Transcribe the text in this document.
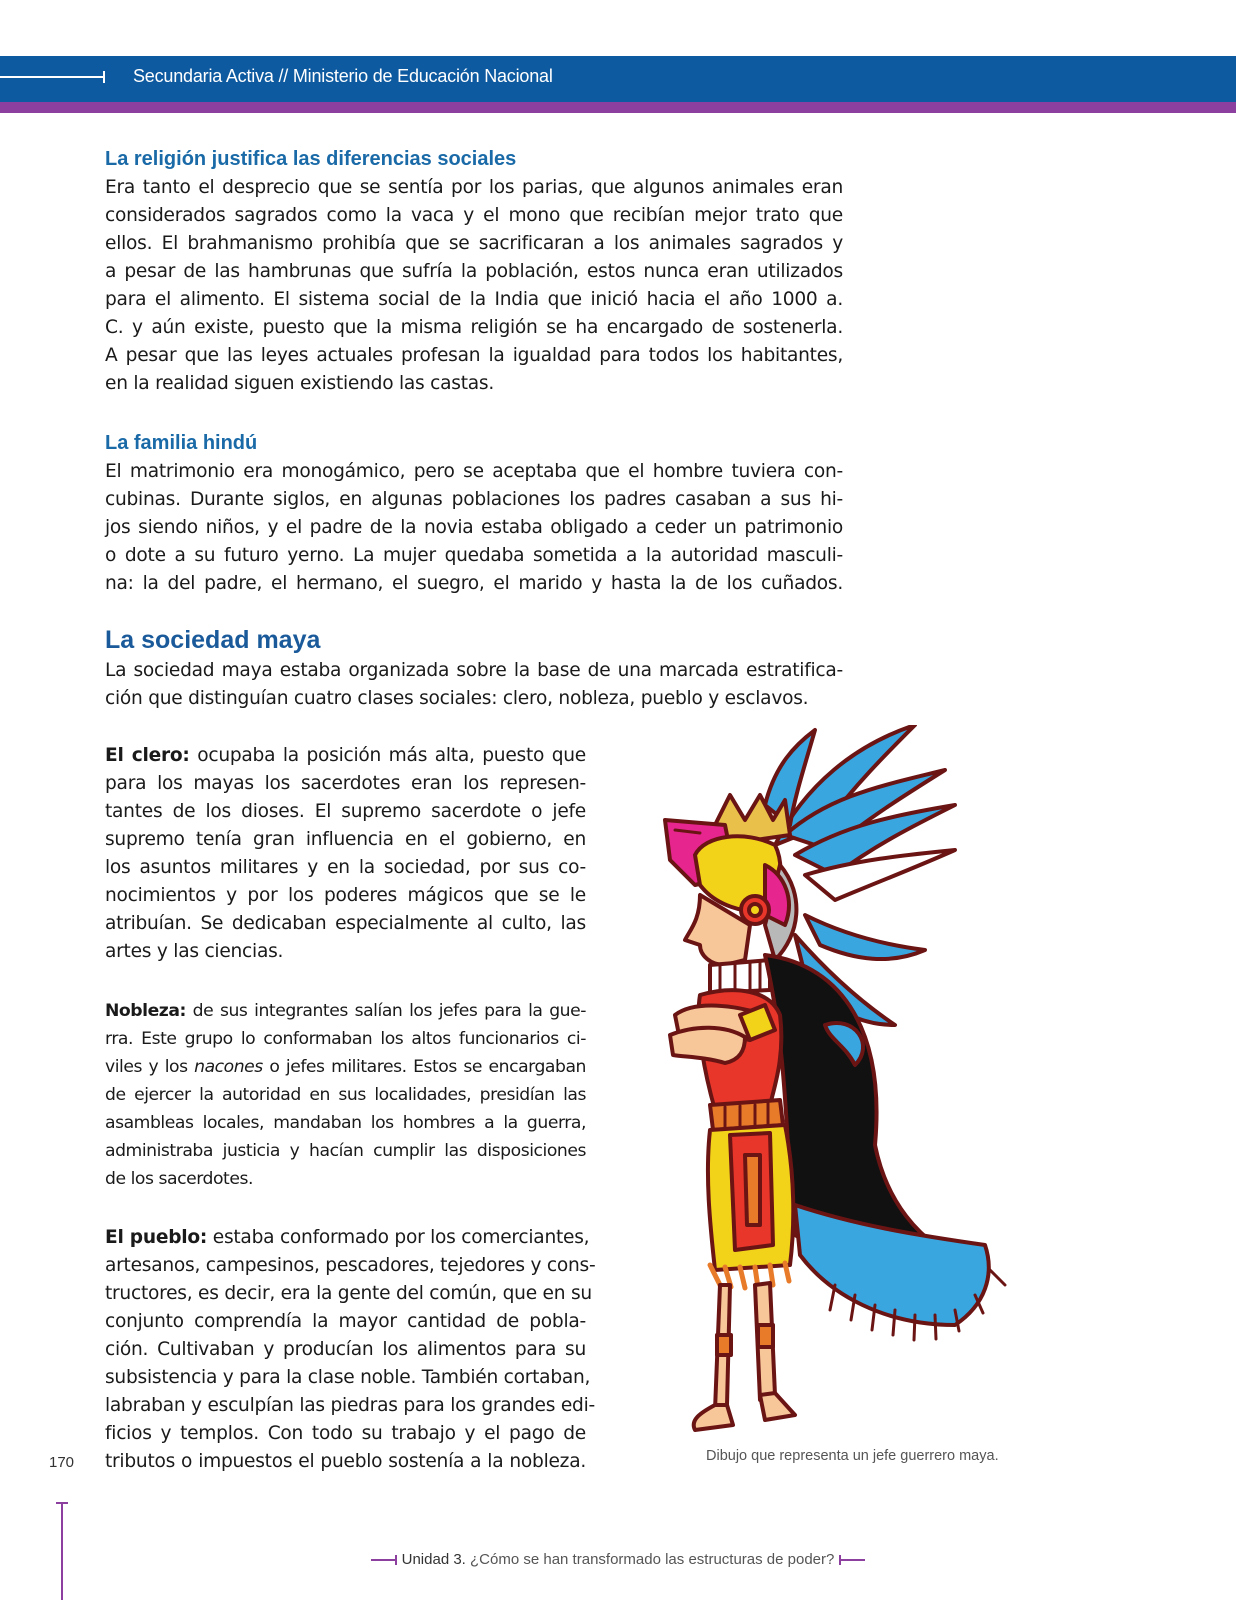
Secundaria Activa // Ministerio de Educación Nacional
La religión justifica las diferencias sociales
Era tanto el desprecio que se sentía por los parias, que algunos animales eran
considerados sagrados como la vaca y el mono que recibían mejor trato que
ellos. El brahmanismo prohibía que se sacrificaran a los animales sagrados y
a pesar de las hambrunas que sufría la población, estos nunca eran utilizados
para el alimento. El sistema social de la India que inició hacia el año 1000 a.
C. y aún existe, puesto que la misma religión se ha encargado de sostenerla.
A pesar que las leyes actuales profesan la igualdad para todos los habitantes,
en la realidad siguen existiendo las castas.
La familia hindú
El matrimonio era monogámico, pero se aceptaba que el hombre tuviera con-
cubinas. Durante siglos, en algunas poblaciones los padres casaban a sus hi-
jos siendo niños, y el padre de la novia estaba obligado a ceder un patrimonio
o dote a su futuro yerno. La mujer quedaba sometida a la autoridad masculi-
na: la del padre, el hermano, el suegro, el marido y hasta la de los cuñados.
La sociedad maya
La sociedad maya estaba organizada sobre la base de una marcada estratifica-
ción que distinguían cuatro clases sociales: clero, nobleza, pueblo y esclavos.
El clero: ocupaba la posición más alta, puesto que
para los mayas los sacerdotes eran los represen-
tantes de los dioses. El supremo sacerdote o jefe
supremo tenía gran influencia en el gobierno, en
los asuntos militares y en la sociedad, por sus co-
nocimientos y por los poderes mágicos que se le
atribuían. Se dedicaban especialmente al culto, las
artes y las ciencias.
Nobleza: de sus integrantes salían los jefes para la gue-
rra. Este grupo lo conformaban los altos funcionarios ci-
viles y los nacones o jefes militares. Estos se encargaban
de ejercer la autoridad en sus localidades, presidían las
asambleas locales, mandaban los hombres a la guerra,
administraba justicia y hacían cumplir las disposiciones
de los sacerdotes.
El pueblo: estaba conformado por los comerciantes,
artesanos, campesinos, pescadores, tejedores y cons-
tructores, es decir, era la gente del común, que en su
conjunto comprendía la mayor cantidad de pobla-
ción. Cultivaban y producían los alimentos para su
subsistencia y para la clase noble. También cortaban,
labraban y esculpían las piedras para los grandes edi-
ficios y templos. Con todo su trabajo y el pago de
tributos o impuestos el pueblo sostenía a la nobleza.	Dibujo que representa un jefe guerrero maya.
170
Unidad 3. ¿Cómo se han transformado las estructuras de poder?
